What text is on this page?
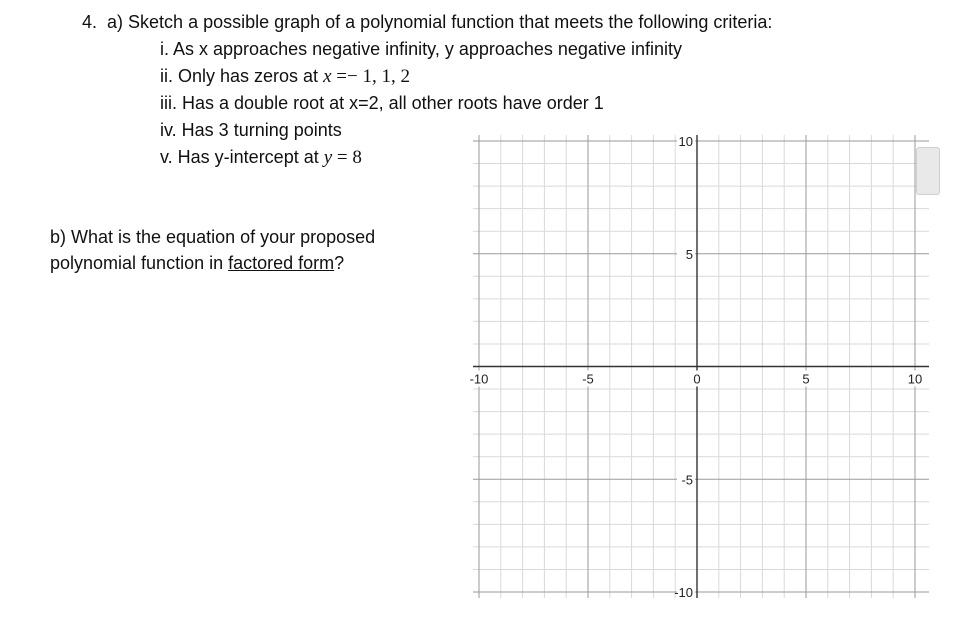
4. a) Sketch a possible graph of a polynomial function that meets the following criteria:
i. As x approaches negative infinity, y approaches negative infinity
ii. Only has zeros at x =− 1, 1, 2
iii. Has a double root at x=2, all other roots have order 1
iv. Has 3 turning points
v. Has y-intercept at y = 8
b) What is the equation of your proposed
polynomial function in factored form?
-10	-5	0	5	10
10
5
-5
-10
